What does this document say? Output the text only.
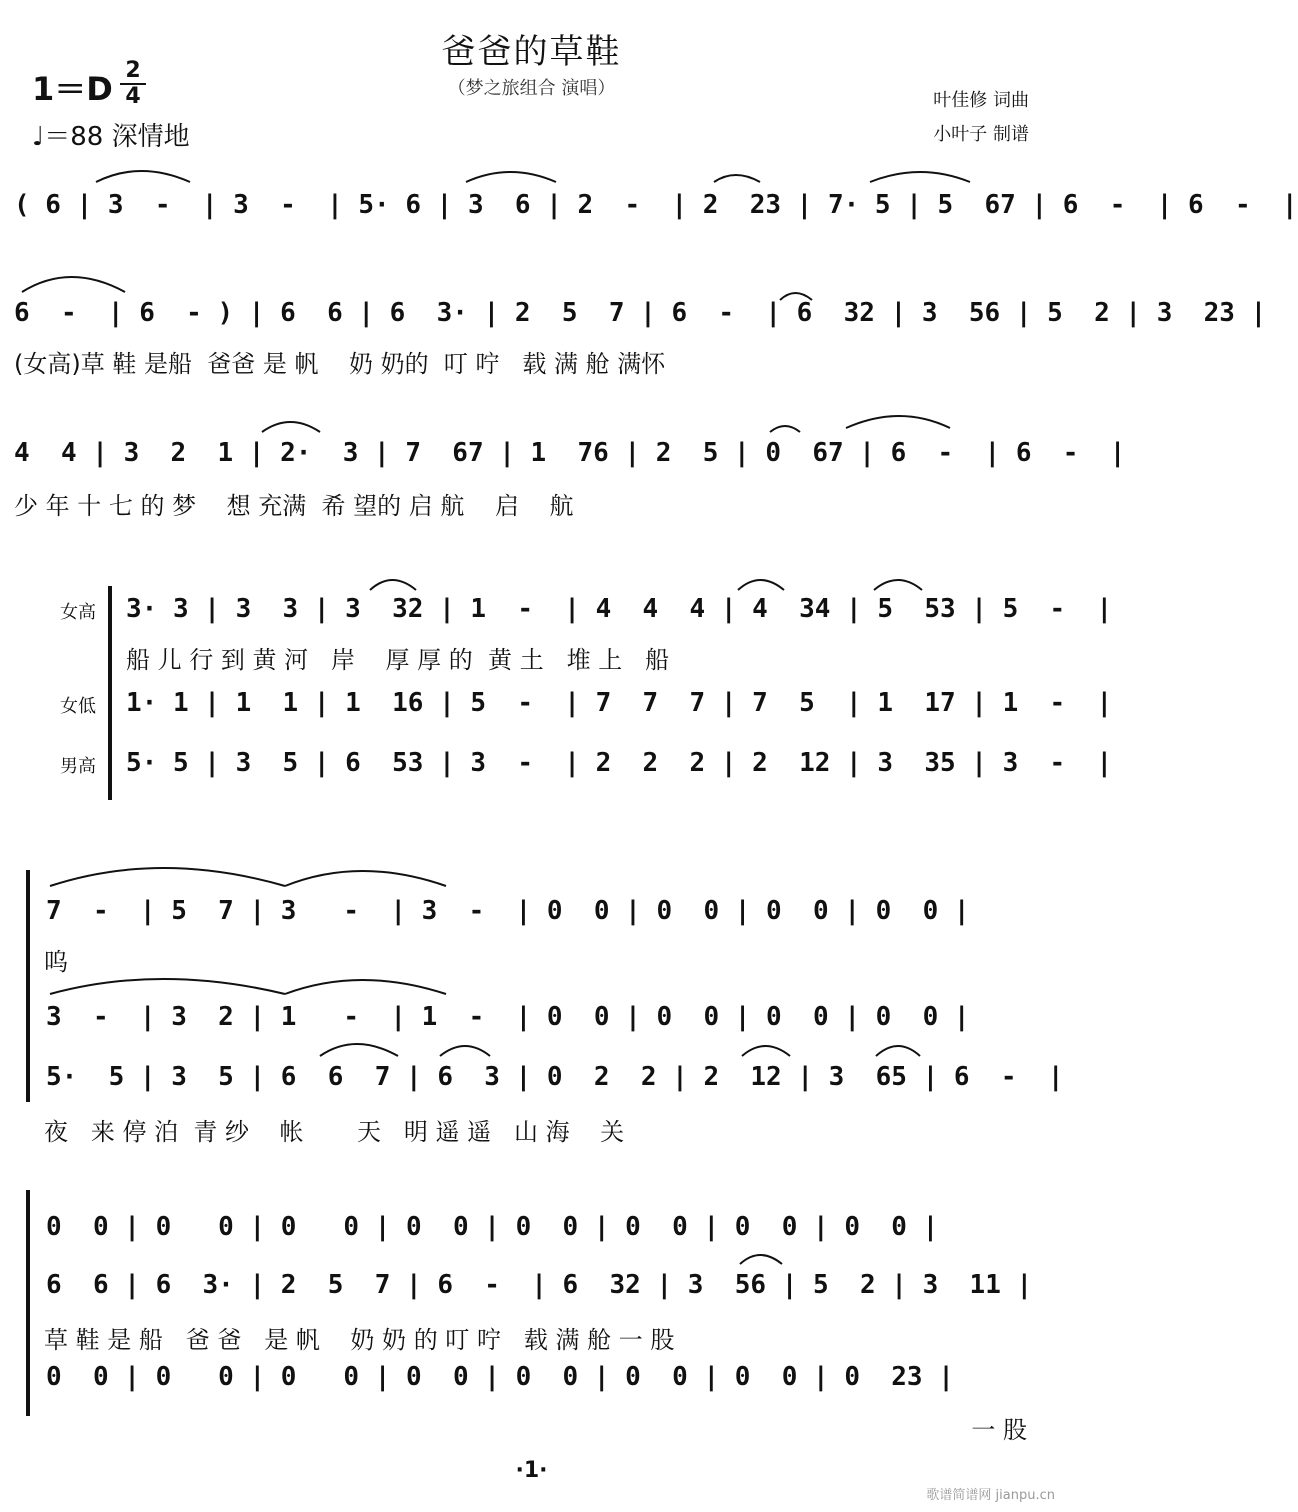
爸爸的草鞋
（梦之旅组合 演唱）
1＝D 2
4
♩＝88 深情地
叶佳修 词曲
小叶子 制谱
( 6 | 3  -  | 3  -  | 5· 6 | 3  6 | 2  -  | 2  23 | 7· 5 | 5  67 | 6  -  | 6  -  |
6  -  | 6  - ) | 6  6 | 6  3· | 2  5  7 | 6  -  | 6  32 | 3  56 | 5  2 | 3  23 |
(女高)草 鞋 是船  爸爸 是 帆    奶 奶的  叮 咛   载 满 舱 满怀
4  4 | 3  2  1 | 2·  3 | 7  67 | 1  76 | 2  5 | 0  67 | 6  -  | 6  -  |
少 年 十 七 的 梦    想 充满  希 望的 启 航    启    航
女高
女低
男高
3· 3 | 3  3 | 3  32 | 1  -  | 4  4  4 | 4  34 | 5  53 | 5  -  |
船 儿 行 到 黄 河   岸    厚 厚 的  黄 土   堆 上   船
1· 1 | 1  1 | 1  16 | 5  -  | 7  7  7 | 7  5  | 1  17 | 1  -  |
5· 5 | 3  5 | 6  53 | 3  -  | 2  2  2 | 2  12 | 3  35 | 3  -  |
7  -  | 5  7 | 3   -  | 3  -  | 0  0 | 0  0 | 0  0 | 0  0 |
呜
3  -  | 3  2 | 1   -  | 1  -  | 0  0 | 0  0 | 0  0 | 0  0 |
5·  5 | 3  5 | 6  6  7 | 6  3 | 0  2  2 | 2  12 | 3  65 | 6  -  |
夜   来 停 泊  青 纱    帐       天   明 遥 遥   山 海    关
0  0 | 0   0 | 0   0 | 0  0 | 0  0 | 0  0 | 0  0 | 0  0 |
6  6 | 6  3· | 2  5  7 | 6  -  | 6  32 | 3  56 | 5  2 | 3  11 |
草 鞋 是 船   爸 爸   是 帆    奶 奶 的 叮 咛   载 满 舱 一 股
0  0 | 0   0 | 0   0 | 0  0 | 0  0 | 0  0 | 0  0 | 0  23 |
一 股
·1·
歌谱简谱网 jianpu.cn
